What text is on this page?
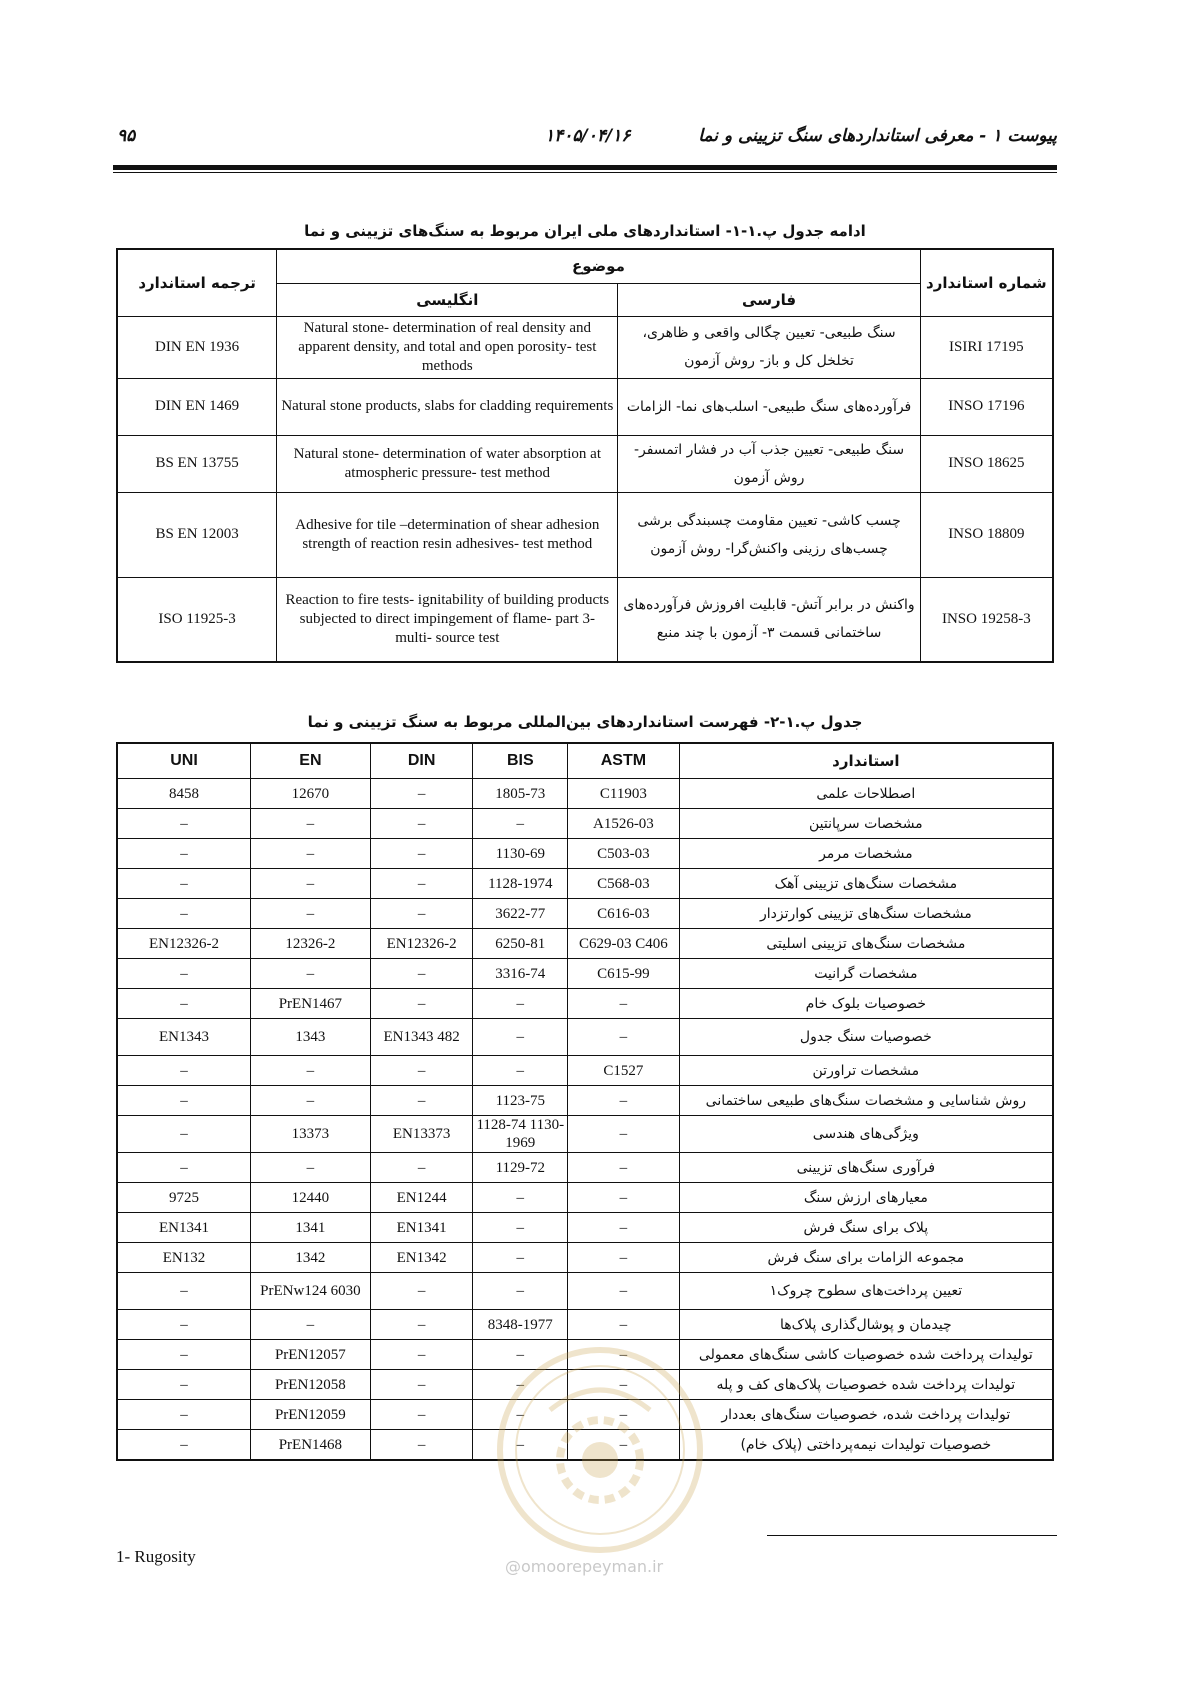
پیوست ۱ - معرفی استانداردهای سنگ تزیینی و نما
۱۴۰۵/۰۴/۱۶
۹۵
ادامه جدول پ.۱-۱- استانداردهای ملی ایران مربوط به سنگ‌های تزیینی و نما
ترجمه استاندارد	موضوع		شماره استاندارد
	انگلیسی	فارسی	
DIN EN 1936	Natural stone- determination of real density and apparent density, and total and open porosity- test methods	سنگ طبیعی- تعیین چگالی واقعی و ظاهری، تخلخل کل و باز- روش آزمون	ISIRI 17195
DIN EN 1469	Natural stone products, slabs for cladding requirements	فرآورده‌های سنگ طبیعی- اسلب‌های نما- الزامات	INSO 17196
BS EN 13755	Natural stone- determination of water absorption at atmospheric pressure- test method	سنگ طبیعی- تعیین جذب آب در فشار اتمسفر- روش آزمون	INSO 18625
BS EN 12003	Adhesive for tile –determination of shear adhesion strength of reaction resin adhesives- test method	چسب کاشی- تعیین مقاومت چسبندگی برشی چسب‌های رزینی واکنش‌گرا- روش آزمون	INSO 18809
ISO 11925-3	Reaction to fire tests- ignitability of building products subjected to direct impingement of flame- part 3- multi- source test	واکنش در برابر آتش- قابلیت افروزش فرآورده‌های ساختمانی قسمت ۳- آزمون با چند منبع	INSO 19258-3
جدول پ.۱-۲- فهرست استانداردهای بین‌المللی مربوط به سنگ تزیینی و نما
UNI	EN	DIN	BIS	ASTM	استاندارد
8458	12670	–	1805-73	C11903	اصطلاحات علمی
–	–	–	–	A1526-03	مشخصات سرپانتین
–	–	–	1130-69	C503-03	مشخصات مرمر
–	–	–	1128-1974	C568-03	مشخصات سنگ‌های تزیینی آهک
–	–	–	3622-77	C616-03	مشخصات سنگ‌های تزیینی کوارتزدار
EN12326-2	12326-2	EN12326-2	6250-81	C629-03 C406	مشخصات سنگ‌های تزیینی اسلیتی
–	–	–	3316-74	C615-99	مشخصات گرانیت
–	PrEN1467	–	–	–	خصوصیات بلوک خام
EN1343	1343	EN1343 482	–	–	خصوصیات سنگ جدول
–	–	–	–	C1527	مشخصات تراورتن
–	–	–	1123-75	–	روش شناسایی و مشخصات سنگ‌های طبیعی ساختمانی
–	13373	EN13373	1128-74 1130-1969	–	ویژگی‌های هندسی
–	–	–	1129-72	–	فرآوری سنگ‌های تزیینی
9725	12440	EN1244	–	–	معیارهای ارزش سنگ
EN1341	1341	EN1341	–	–	پلاک برای سنگ فرش
EN132	1342	EN1342	–	–	مجموعه الزامات برای سنگ فرش
–	PrENw124 6030	–	–	–	تعیین پرداخت‌های سطوح چروک۱
–	–	–	8348-1977	–	چیدمان و پوشال‌گذاری پلاک‌ها
–	PrEN12057	–	–	–	تولیدات پرداخت شده خصوصیات کاشی سنگ‌های معمولی
–	PrEN12058	–	–	–	تولیدات پرداخت شده خصوصیات پلاک‌های کف و پله
–	PrEN12059	–	–	–	تولیدات پرداخت شده، خصوصیات سنگ‌های بعددار
–	PrEN1468	–	–	–	خصوصیات تولیدات نیمه‌پرداختی (پلاک خام)
@omoorepeyman.ir
1- Rugosity
